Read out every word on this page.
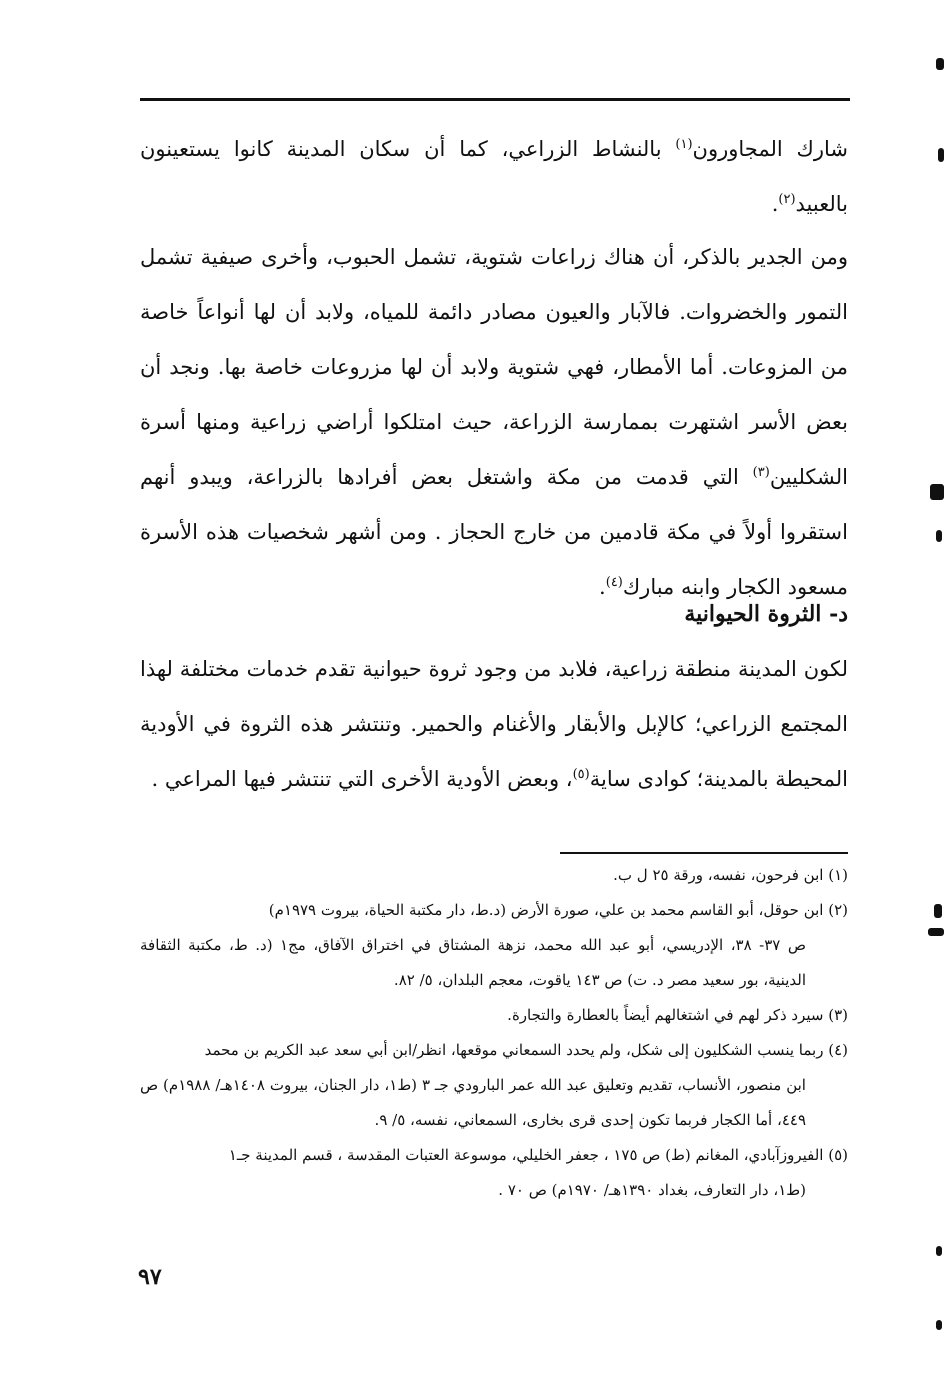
شارك المجاورون$^{(١)}$ بالنشاط الزراعي، كما أن سكان المدينة كانوا يستعينون بالعبيد$^{(٢)}$.
ومن الجدير بالذكر، أن هناك زراعات شتوية، تشمل الحبوب، وأخرى صيفية تشمل التمور والخضروات. فالآبار والعيون مصادر دائمة للمياه، ولابد أن لها أنواعاً خاصة من المزوعات. أما الأمطار، فهي شتوية ولابد أن لها مزروعات خاصة بها. ونجد أن بعض الأسر اشتهرت بممارسة الزراعة، حيث امتلكوا أراضي زراعية ومنها أسرة الشكليين$^{(٣)}$ التي قدمت من مكة واشتغل بعض أفرادها بالزراعة، ويبدو أنهم استقروا أولاً في مكة قادمين من خارج الحجاز . ومن أشهر شخصيات هذه الأسرة مسعود الكجار وابنه مبارك$^{(٤)}$.
د- الثروة الحيوانية
لكون المدينة منطقة زراعية، فلابد من وجود ثروة حيوانية تقدم خدمات مختلفة لهذا المجتمع الزراعي؛ كالإبل والأبقار والأغنام والحمير. وتنتشر هذه الثروة في الأودية المحيطة بالمدينة؛ كوادى ساية$^{(٥)}$، وبعض الأودية الأخرى التي تنتشر فيها المراعي .
(١) ابن فرحون، نفسه، ورقة ٢٥ ل ب.
(٢) ابن حوقل، أبو القاسم محمد بن علي، صورة الأرض (د.ط، دار مكتبة الحياة، بيروت ١٩٧٩م)
ص ٣٧- ٣٨، الإدريسي، أبو عبد الله محمد، نزهة المشتاق في اختراق الآفاق، مج١ (د. ط، مكتبة الثقافة الدينية، بور سعيد مصر د. ت) ص ١٤٣ ياقوت، معجم البلدان، ٥/ ٨٢.
(٣) سيرد ذكر لهم في اشتغالهم أيضاً بالعطارة والتجارة.
(٤) ربما ينسب الشكليون إلى شكل، ولم يحدد السمعاني موقعها، انظر/ابن أبي سعد عبد الكريم بن محمد
ابن منصور، الأنساب، تقديم وتعليق عبد الله عمر البارودي جـ ٣ (ط١، دار الجنان، بيروت ١٤٠٨هـ/ ١٩٨٨م) ص ٤٤٩، أما الكجار فربما تكون إحدى قرى بخارى، السمعاني، نفسه، ٥/ ٩.
(٥) الفيروزآبادي، المغانم (ط) ص ١٧٥ ، جعفر الخليلي، موسوعة العتبات المقدسة ، قسم المدينة جـ١
(ط١، دار التعارف، بغداد ١٣٩٠هـ/ ١٩٧٠م) ص ٧٠ .
٩٧
